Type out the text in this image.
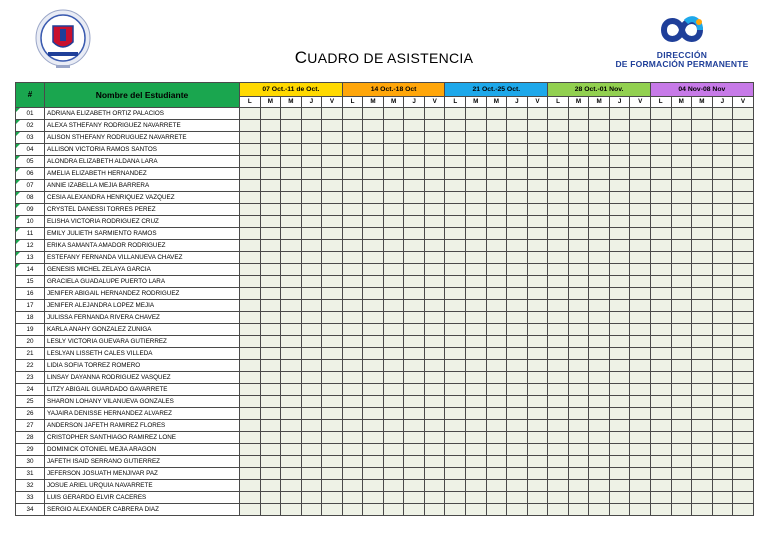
CUADRO DE ASISTENCIA	DIRECCIÓN
DE FORMACIÓN PERMANENTE
#	Nombre del Estudiante	07 Oct.-11 de Oct.					14 Oct.-18 Oct					21 Oct.-25 Oct.					28 Oct.-01 Nov.					04 Nov-08 Nov				
		L	M	M	J	V	L	M	M	J	V	L	M	M	J	V	L	M	M	J	V	L	M	M	J	V

01	ADRIANA ELIZABETH ORTIZ PALACIOS																									

02	ALEXA STHEFANY RODRIGUEZ NAVARRETE																									

03	ALISON STHEFANY RODRUGUEZ NAVARRETE																									

04	ALLISON VICTORIA RAMOS SANTOS																									

05	ALONDRA ELIZABETH ALDANA LARA																									

06	AMELIA ELIZABETH HERNANDEZ																									

07	ANNIE IZABELLA MEJIA BARRERA																									

08	CESIA ALEXANDRA HENRIQUEZ VAZQUEZ																									

09	CRYSTEL DANESSI TORRES PEREZ																									

10	ELISHA VICTORIA RODRIGUEZ CRUZ																									

11	EMILY JULIETH SARMIENTO RAMOS																									

12	ERIKA SAMANTA AMADOR RODRIGUEZ																									

13	ESTEFANY FERNANDA VILLANUEVA CHAVEZ																									

14	GENESIS MICHEL ZELAYA GARCIA																									
15	GRACIELA GUADALUPE PUERTO LARA																									
16	JENIFER ABIGAIL HERNANDEZ RODRIGUEZ																									
17	JENIFER ALEJANDRA LOPEZ MEJIA																									
18	JULISSA FERNANDA RIVERA CHAVEZ																									
19	KARLA ANAHY GONZALEZ ZUNIGA																									
20	LESLY VICTORIA GUEVARA GUTIERREZ																									
21	LESLYAN LISSETH CALES VILLEDA																									
22	LIDIA SOFIA TORREZ ROMERO																									
23	LINSAY DAYANNA RODRIGUEZ VASQUEZ																									
24	LITZY ABIGAIL GUARDADO GAVARRETE																									
25	SHARON LOHANY VILANUEVA GONZALES																									
26	YAJAIRA DENISSE HERNANDEZ ALVAREZ																									
27	ANDERSON JAFETH RAMIREZ FLORES																									
28	CRISTOPHER SANTHIAGO RAMIREZ LONE																									
29	DOMINICK OTONIEL MEJIA ARAGON																									
30	JAFETH ISAID SERRANO GUTIERREZ																									
31	JEFERSON JOSUATH MENJIVAR PAZ																									
32	JOSUE ARIEL URQUIA NAVARRETE																									
33	LUIS GERARDO ELVIR CACERES																									
34	SERGIO ALEXANDER CABRERA DIAZ																									
